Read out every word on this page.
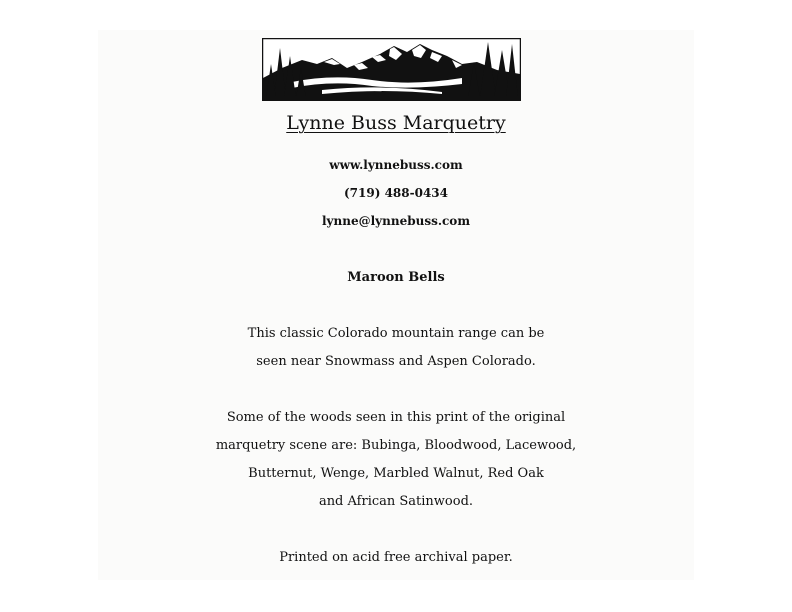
Lynne Buss Marquetry
www.lynnebuss.com
(719) 488-0434
lynne@lynnebuss.com
Maroon Bells
This classic Colorado mountain range can be
seen near Snowmass and Aspen Colorado.
Some of the woods seen in this print of the original
marquetry scene are: Bubinga, Bloodwood, Lacewood,
Butternut, Wenge, Marbled Walnut, Red Oak
and African Satinwood.
Printed on acid free archival paper.
